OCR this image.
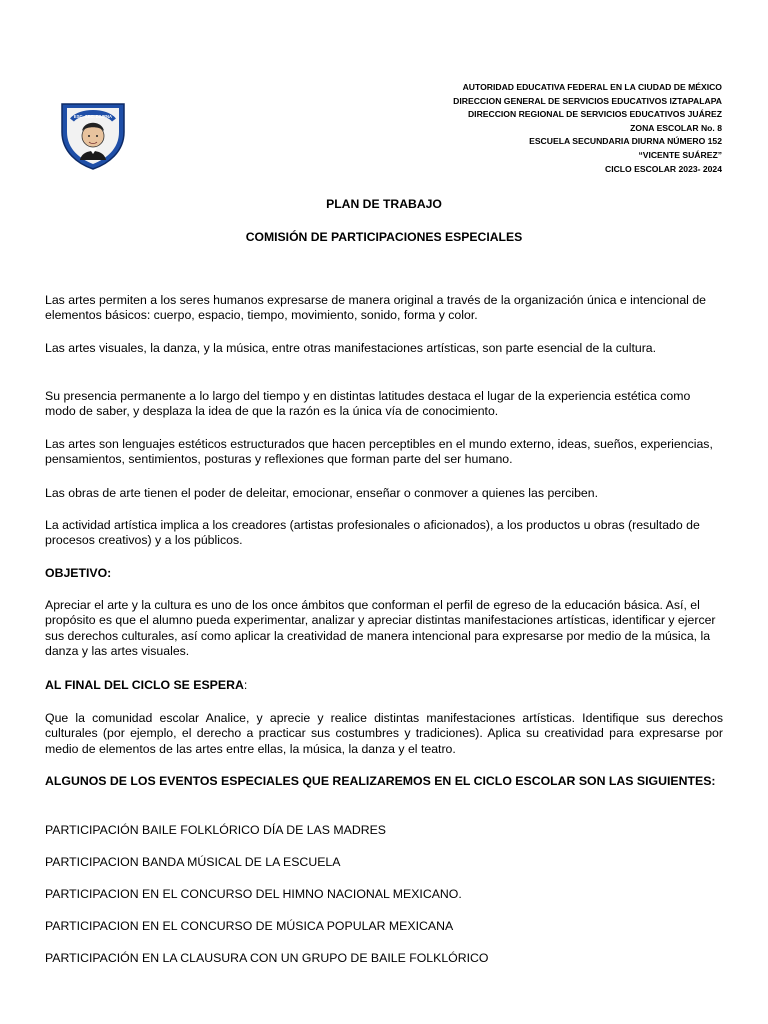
ESC. SEC. DIURNA
AUTORIDAD EDUCATIVA FEDERAL EN LA CIUDAD DE MÉXICO
DIRECCION GENERAL DE SERVICIOS EDUCATIVOS IZTAPALAPA
DIRECCION REGIONAL DE SERVICIOS EDUCATIVOS JUÁREZ
ZONA ESCOLAR No. 8
ESCUELA SECUNDARIA DIURNA NÚMERO 152
“VICENTE SUÁREZ”
CICLO ESCOLAR 2023- 2024
PLAN DE TRABAJO
COMISIÓN DE PARTICIPACIONES ESPECIALES

Las artes permiten a los seres humanos expresarse de manera original a través de la organización única e intencional de elementos básicos: cuerpo, espacio, tiempo, movimiento, sonido, forma y color.

Las artes visuales, la danza, y la música, entre otras manifestaciones artísticas, son parte esencial de la cultura.

Su presencia permanente a lo largo del tiempo y en distintas latitudes destaca el lugar de la experiencia estética como modo de saber, y desplaza la idea de que la razón es la única vía de conocimiento.

Las artes son lenguajes estéticos estructurados que hacen perceptibles en el mundo externo, ideas, sueños, experiencias, pensamientos, sentimientos, posturas y reflexiones que forman parte del ser humano.

Las obras de arte tienen el poder de deleitar, emocionar, enseñar o conmover a quienes las perciben.

La actividad artística implica a los creadores (artistas profesionales o aficionados), a los productos u obras (resultado de procesos creativos) y a los públicos.

OBJETIVO:

Apreciar el arte y la cultura es uno de los once ámbitos que conforman el perfil de egreso de la educación básica. Así, el propósito es que el alumno pueda experimentar, analizar y apreciar distintas manifestaciones artísticas, identificar y ejercer sus derechos culturales, así como aplicar la creatividad de manera intencional para expresarse por medio de la música, la danza y las artes visuales.

AL FINAL DEL CICLO SE ESPERA:

Que la comunidad escolar Analice, y aprecie y realice distintas manifestaciones artísticas. Identifique sus derechos culturales (por ejemplo, el derecho a practicar sus costumbres y tradiciones). Aplica su creatividad para expresarse por medio de elementos de las artes entre ellas, la música, la danza y el teatro.

ALGUNOS DE LOS EVENTOS ESPECIALES QUE REALIZAREMOS EN EL CICLO ESCOLAR SON LAS SIGUIENTES:

PARTICIPACIÓN BAILE FOLKLÓRICO DÍA DE LAS MADRES

PARTICIPACION BANDA MÚSICAL DE LA ESCUELA

PARTICIPACION EN EL CONCURSO DEL HIMNO NACIONAL MEXICANO.

PARTICIPACION EN EL CONCURSO DE MÚSICA POPULAR MEXICANA

PARTICIPACIÓN EN LA CLAUSURA CON UN GRUPO DE BAILE FOLKLÓRICO
